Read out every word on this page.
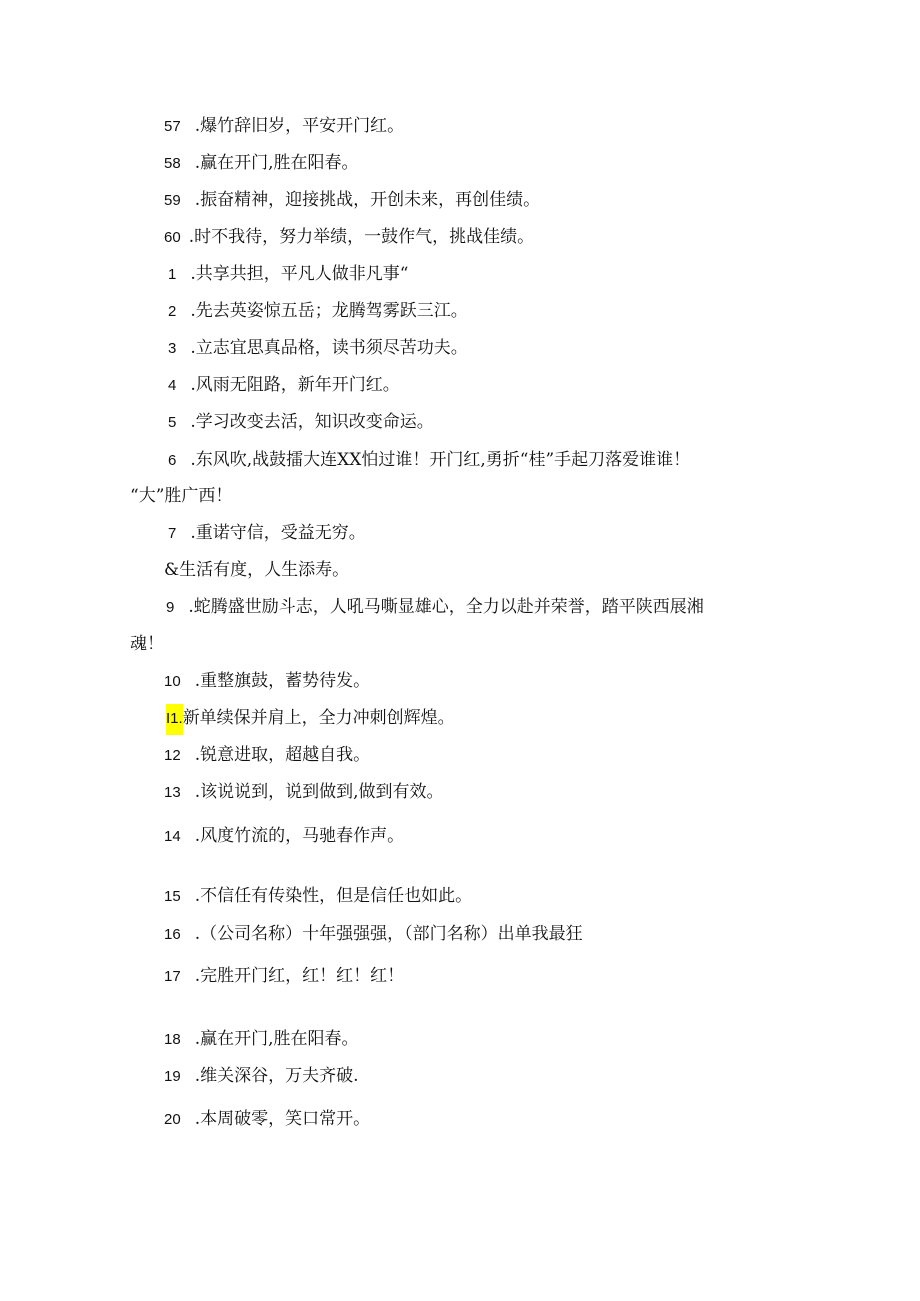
57 .爆竹辞旧岁，平安开门红。
58 .赢在开门,胜在阳春。
59 .振奋精神，迎接挑战，开创未来，再创佳绩。
60 .时不我待，努力举绩，一鼓作气，挑战佳绩。
1 .共享共担，平凡人做非凡事“
2 .先去英姿惊五岳；龙腾驾雾跃三江。
3 .立志宜思真品格，读书须尽苦功夫。
4 .风雨无阻路，新年开门红。
5 .学习改变去活，知识改变命运。
6 .东风吹,战鼓擂大连XX怕过谁！开门红,勇折“桂”手起刀落爱谁谁！
“大”胜广西！
7 .重诺守信，受益无穷。
&生活有度，人生添寿。
9 .蛇腾盛世励斗志，人吼马嘶显雄心，全力以赴并荣誉，踏平陕西展湘
魂！
10 .重整旗鼓，蓄势待发。
I1.新单续保并肩上，全力冲刺创辉煌。
12 .锐意进取，超越自我。
13 .该说说到，说到做到,做到有效。
14 .风度竹流的，马驰春作声。
15 .不信任有传染性，但是信任也如此。
16 .（公司名称）十年强强强，（部门名称）出单我最狂
17 .完胜开门红，红！红！红！
18 .赢在开门,胜在阳春。
19 .维关深谷，万夫齐破.
20 .本周破零，笑口常开。
